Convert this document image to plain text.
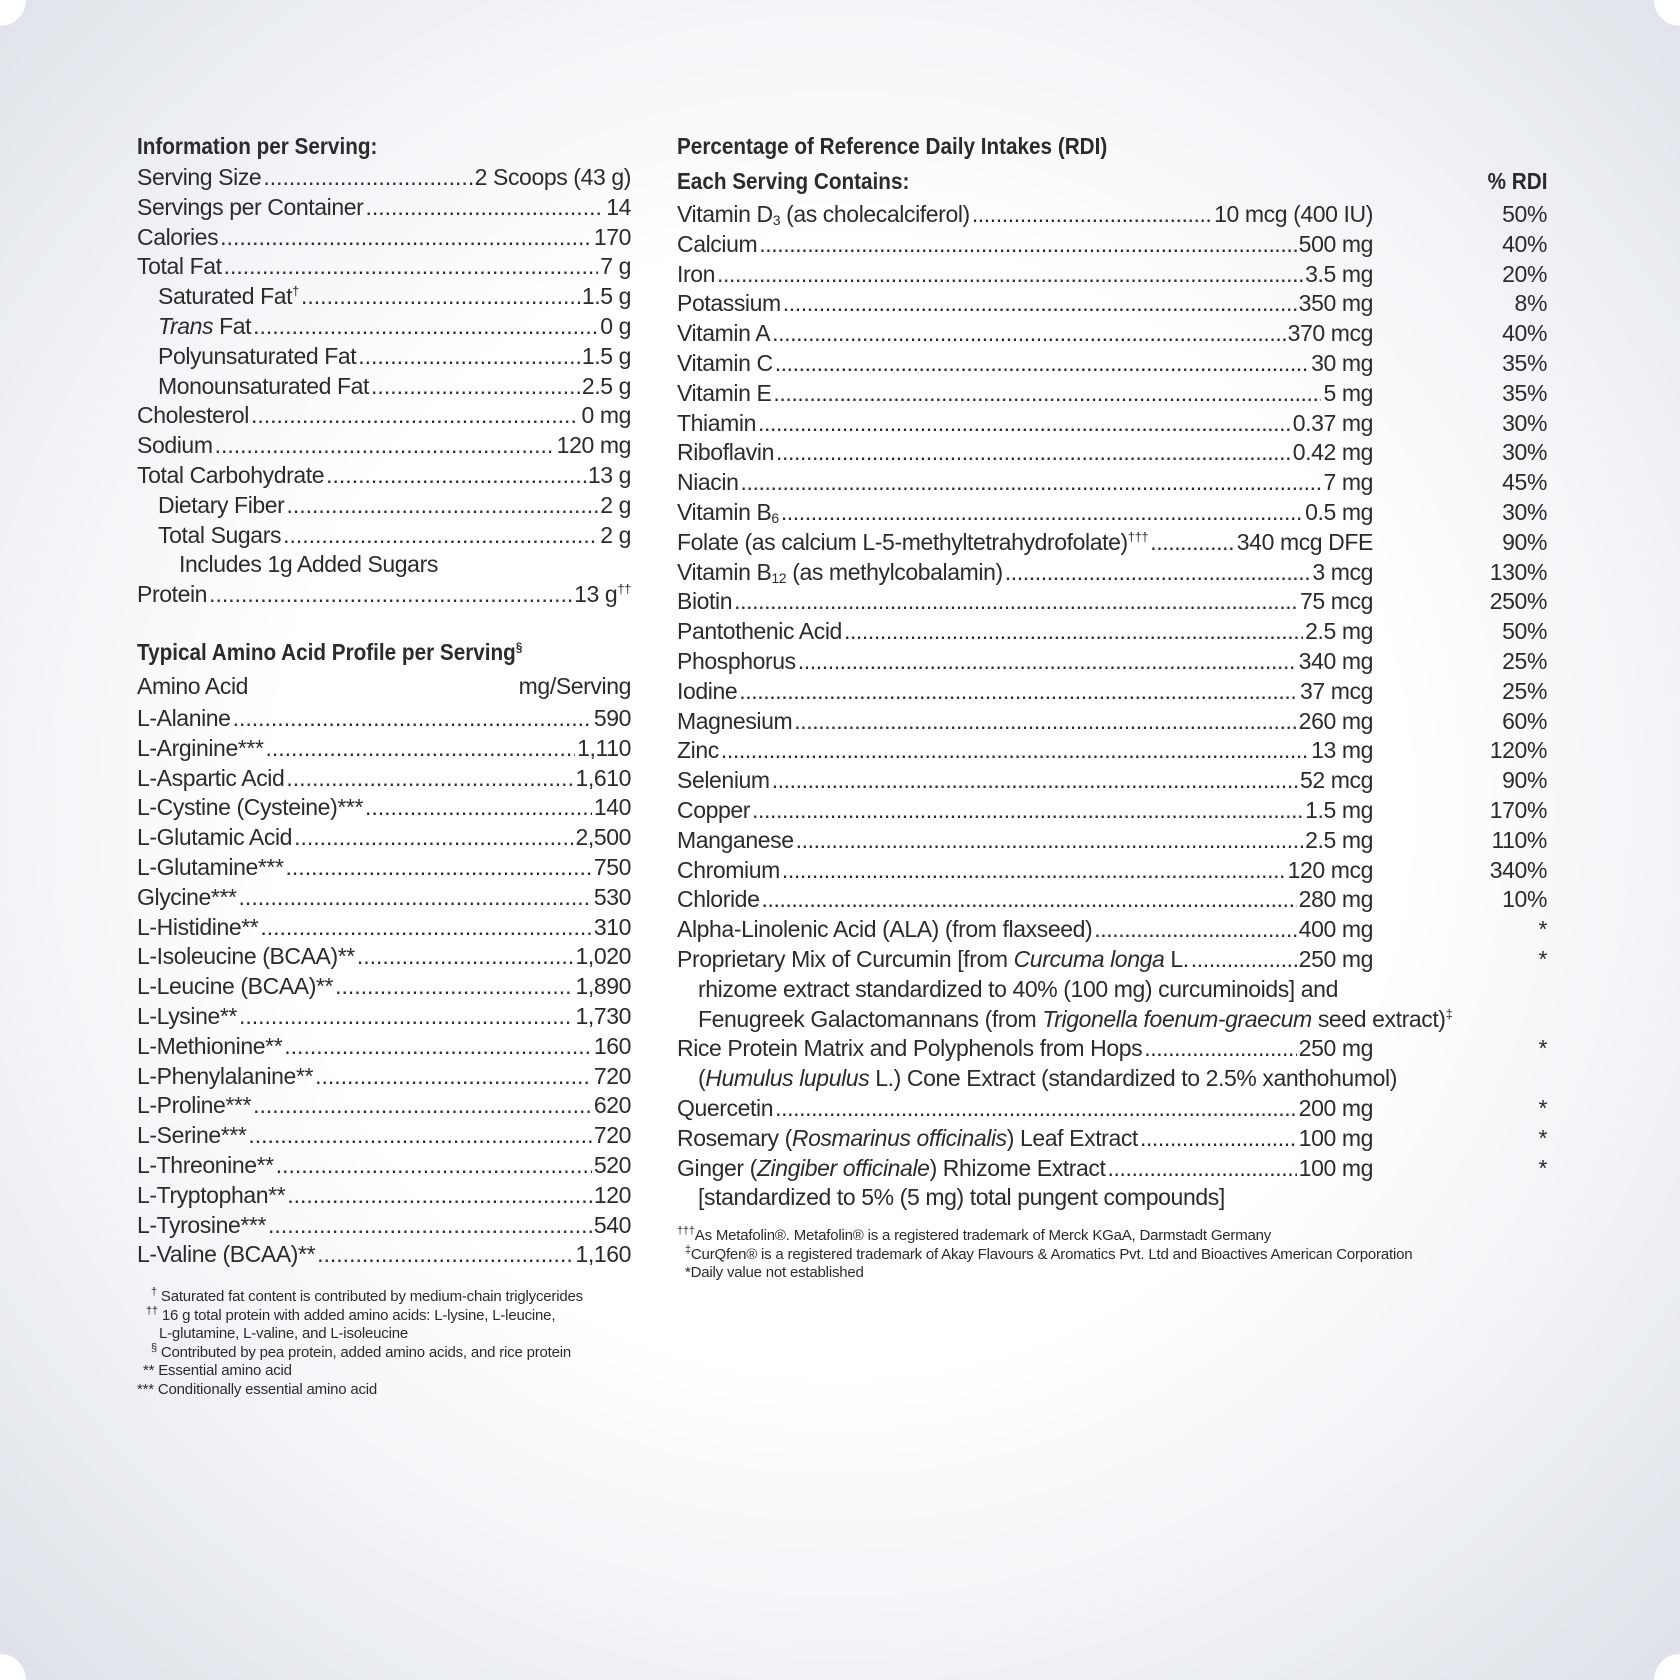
Information per Serving:
Serving Size .....	2 Scoops (43 g)
Servings per Container .....	14
Calories .....	170
Total Fat .....	7 g
Saturated Fat† .....	1.5 g
Trans Fat .....	0 g
Polyunsaturated Fat .....	1.5 g
Monounsaturated Fat .....	2.5 g
Cholesterol .....	0 mg
Sodium .....	120 mg
Total Carbohydrate .....	13 g
Dietary Fiber .....	2 g
Total Sugars .....	2 g
Includes 1g Added Sugars
Protein .....	13 g††
Typical Amino Acid Profile per Serving§
Amino Acid	mg/Serving
L-Alanine .....	590
L-Arginine*** .....	1,110
L-Aspartic Acid .....	1,610
L-Cystine (Cysteine)*** .....	140
L-Glutamic Acid .....	2,500
L-Glutamine*** .....	750
Glycine*** .....	530
L-Histidine** .....	310
L-Isoleucine (BCAA)** .....	1,020
L-Leucine (BCAA)** .....	1,890
L-Lysine** .....	1,730
L-Methionine** .....	160
L-Phenylalanine** .....	720
L-Proline*** .....	620
L-Serine*** .....	720
L-Threonine** .....	520
L-Tryptophan** .....	120
L-Tyrosine*** .....	540
L-Valine (BCAA)** .....	1,160
† Saturated fat content is contributed by medium-chain triglycerides
†† 16 g total protein with added amino acids: L-lysine, L-leucine,
L-glutamine, L-valine, and L-isoleucine
§ Contributed by pea protein, added amino acids, and rice protein
** Essential amino acid
*** Conditionally essential amino acid
Percentage of Reference Daily Intakes (RDI)
Each Serving Contains:	% RDI
Vitamin $D_3$ (as cholecalciferol) .....	10 mcg (400 IU)	50%
Calcium .....	500 mg	40%
Iron .....	3.5 mg	20%
Potassium .....	350 mg	8%
Vitamin A .....	370 mcg	40%
Vitamin C .....	30 mg	35%
Vitamin E .....	5 mg	35%
Thiamin .....	0.37 mg	30%
Riboflavin .....	0.42 mg	30%
Niacin .....	7 mg	45%
Vitamin $B_6$ .....	0.5 mg	30%
Folate (as calcium L-5-methyltetrahydrofolate)††† .....	340 mcg DFE	90%
Vitamin $B_{12}$ (as methylcobalamin) .....	3 mcg	130%
Biotin .....	75 mcg	250%
Pantothenic Acid .....	2.5 mg	50%
Phosphorus .....	340 mg	25%
Iodine .....	37 mcg	25%
Magnesium .....	260 mg	60%
Zinc .....	13 mg	120%
Selenium .....	52 mcg	90%
Copper .....	1.5 mg	170%
Manganese .....	2.5 mg	110%
Chromium .....	120 mcg	340%
Chloride .....	280 mg	10%
Alpha-Linolenic Acid (ALA) (from flaxseed) .....	400 mg	*
Proprietary Mix of Curcumin [from Curcuma longa L. .....	250 mg	*
rhizome extract standardized to 40% (100 mg) curcuminoids] and
Fenugreek Galactomannans (from Trigonella foenum-graecum seed extract)‡
Rice Protein Matrix and Polyphenols from Hops .....	250 mg	*
(Humulus lupulus L.) Cone Extract (standardized to 2.5% xanthohumol)
Quercetin .....	200 mg	*
Rosemary (Rosmarinus officinalis) Leaf Extract .....	100 mg	*
Ginger (Zingiber officinale) Rhizome Extract .....	100 mg	*
[standardized to 5% (5 mg) total pungent compounds]
†††As Metafolin®. Metafolin® is a registered trademark of Merck KGaA, Darmstadt Germany
‡CurQfen® is a registered trademark of Akay Flavours & Aromatics Pvt. Ltd and Bioactives American Corporation
*Daily value not established
